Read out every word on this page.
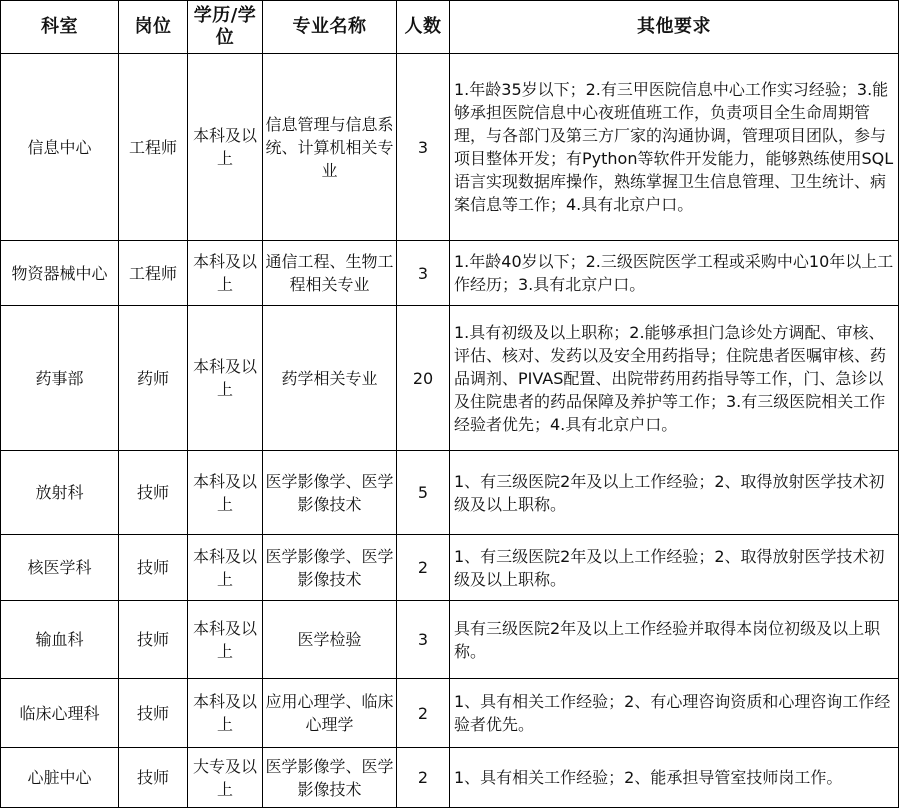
科室	岗位	学历/学位	专业名称	人数	其他要求
信息中心	工程师	本科及以上	信息管理与信息系统、计算机相关专业	3	1.年龄35岁以下；2.有三甲医院信息中心工作实习经验；3.能够承担医院信息中心夜班值班工作，负责项目全生命周期管理，与各部门及第三方厂家的沟通协调，管理项目团队，参与项目整体开发；有Python等软件开发能力，能够熟练使用SQL语言实现数据库操作，熟练掌握卫生信息管理、卫生统计、病案信息等工作；4.具有北京户口。
物资器械中心	工程师	本科及以上	通信工程、生物工程相关专业	3	1.年龄40岁以下；2.三级医院医学工程或采购中心10年以上工作经历；3.具有北京户口。
药事部	药师	本科及以上	药学相关专业	20	1.具有初级及以上职称；2.能够承担门急诊处方调配、审核、评估、核对、发药以及安全用药指导；住院患者医嘱审核、药品调剂、PIVAS配置、出院带药用药指导等工作，门、急诊以及住院患者的药品保障及养护等工作；3.有三级医院相关工作经验者优先；4.具有北京户口。
放射科	技师	本科及以上	医学影像学、医学影像技术	5	1、有三级医院2年及以上工作经验；2、取得放射医学技术初级及以上职称。
核医学科	技师	本科及以上	医学影像学、医学影像技术	2	1、有三级医院2年及以上工作经验；2、取得放射医学技术初级及以上职称。
输血科	技师	本科及以上	医学检验	3	具有三级医院2年及以上工作经验并取得本岗位初级及以上职称。
临床心理科	技师	本科及以上	应用心理学、临床心理学	2	1、具有相关工作经验；2、有心理咨询资质和心理咨询工作经验者优先。
心脏中心	技师	大专及以上	医学影像学、医学影像技术	2	1、具有相关工作经验；2、能承担导管室技师岗工作。
